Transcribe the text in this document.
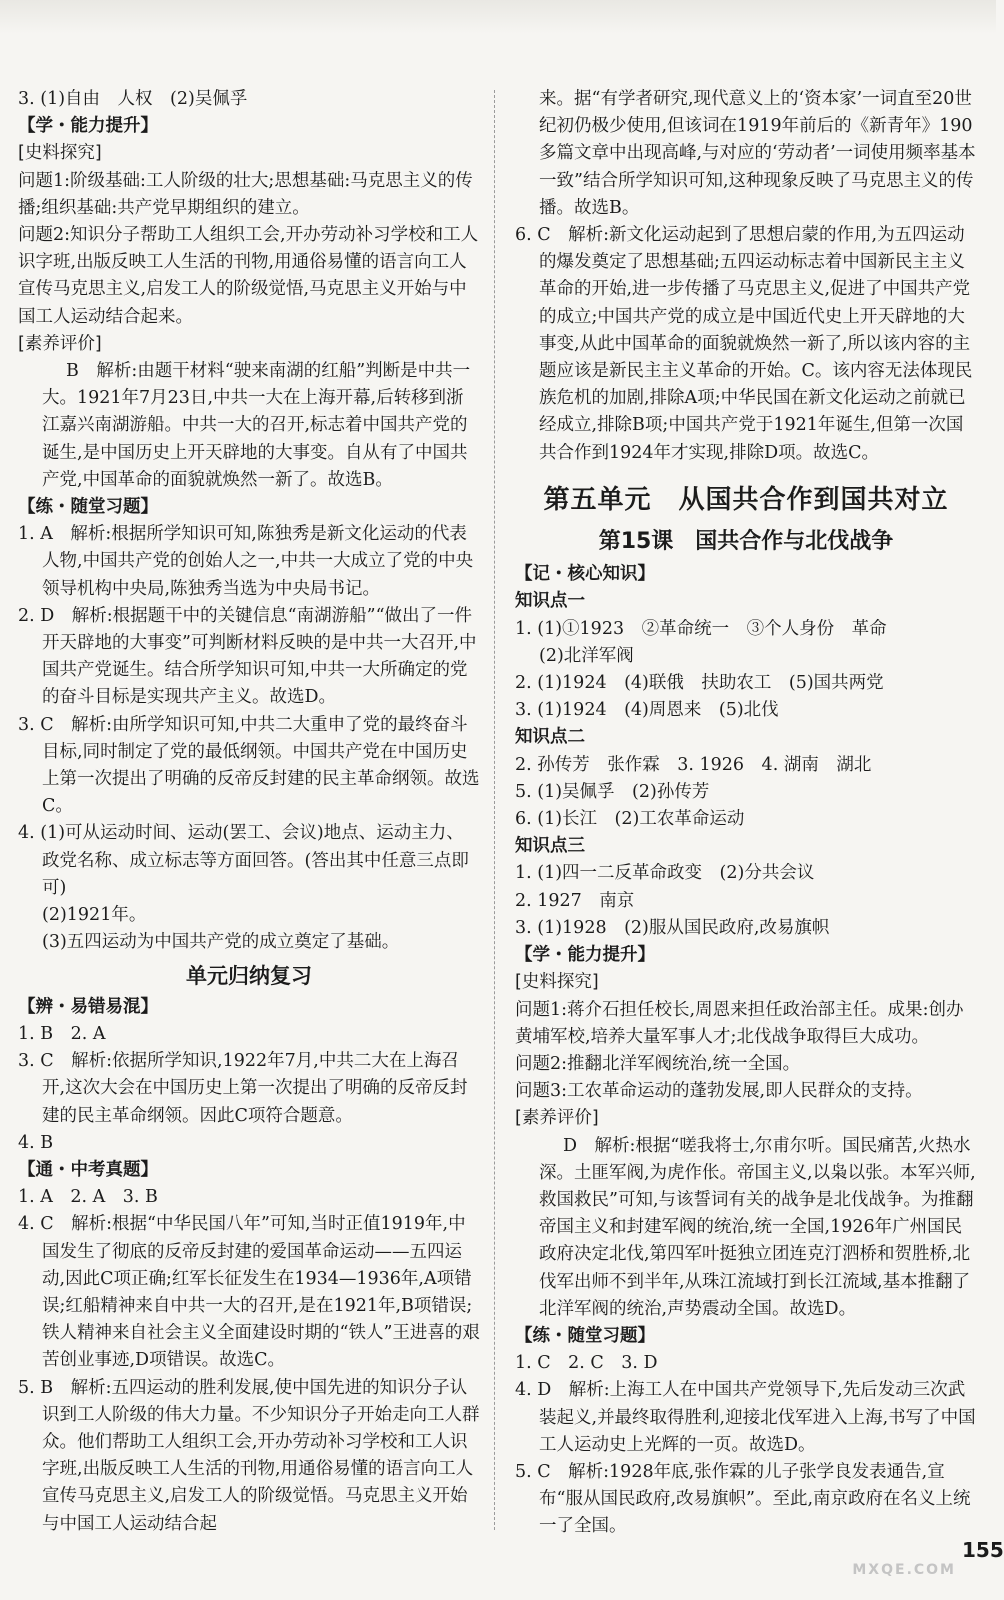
3. (1)自由　人权　(2)吴佩孚
【学・能力提升】
[史料探究]
问题1:阶级基础:工人阶级的壮大;思想基础:马克思主义的传播;组织基础:共产党早期组织的建立。
问题2:知识分子帮助工人组织工会,开办劳动补习学校和工人识字班,出版反映工人生活的刊物,用通俗易懂的语言向工人宣传马克思主义,启发工人的阶级觉悟,马克思主义开始与中国工人运动结合起来。
[素养评价]
B　解析:由题干材料“驶来南湖的红船”判断是中共一大。1921年7月23日,中共一大在上海开幕,后转移到浙江嘉兴南湖游船。中共一大的召开,标志着中国共产党的诞生,是中国历史上开天辟地的大事变。自从有了中国共产党,中国革命的面貌就焕然一新了。故选B。
【练・随堂习题】
1. A　解析:根据所学知识可知,陈独秀是新文化运动的代表人物,中国共产党的创始人之一,中共一大成立了党的中央领导机构中央局,陈独秀当选为中央局书记。
2. D　解析:根据题干中的关键信息“南湖游船”“做出了一件开天辟地的大事变”可判断材料反映的是中共一大召开,中国共产党诞生。结合所学知识可知,中共一大所确定的党的奋斗目标是实现共产主义。故选D。
3. C　解析:由所学知识可知,中共二大重申了党的最终奋斗目标,同时制定了党的最低纲领。中国共产党在中国历史上第一次提出了明确的反帝反封建的民主革命纲领。故选C。
4. (1)可从运动时间、运动(罢工、会议)地点、运动主力、政党名称、成立标志等方面回答。(答出其中任意三点即可)
(2)1921年。
(3)五四运动为中国共产党的成立奠定了基础。
单元归纳复习
【辨・易错易混】
1. B　2. A
3. C　解析:依据所学知识,1922年7月,中共二大在上海召开,这次大会在中国历史上第一次提出了明确的反帝反封建的民主革命纲领。因此C项符合题意。
4. B
【通・中考真题】
1. A　2. A　3. B
4. C　解析:根据“中华民国八年”可知,当时正值1919年,中国发生了彻底的反帝反封建的爱国革命运动——五四运动,因此C项正确;红军长征发生在1934—1936年,A项错误;红船精神来自中共一大的召开,是在1921年,B项错误;铁人精神来自社会主义全面建设时期的“铁人”王进喜的艰苦创业事迹,D项错误。故选C。
5. B　解析:五四运动的胜利发展,使中国先进的知识分子认识到工人阶级的伟大力量。不少知识分子开始走向工人群众。他们帮助工人组织工会,开办劳动补习学校和工人识字班,出版反映工人生活的刊物,用通俗易懂的语言向工人宣传马克思主义,启发工人的阶级觉悟。马克思主义开始与中国工人运动结合起
来。据“有学者研究,现代意义上的‘资本家’一词直至20世纪初仍极少使用,但该词在1919年前后的《新青年》190多篇文章中出现高峰,与对应的‘劳动者’一词使用频率基本一致”结合所学知识可知,这种现象反映了马克思主义的传播。故选B。
6. C　解析:新文化运动起到了思想启蒙的作用,为五四运动的爆发奠定了思想基础;五四运动标志着中国新民主主义革命的开始,进一步传播了马克思主义,促进了中国共产党的成立;中国共产党的成立是中国近代史上开天辟地的大事变,从此中国革命的面貌就焕然一新了,所以该内容的主题应该是新民主主义革命的开始。C。该内容无法体现民族危机的加剧,排除A项;中华民国在新文化运动之前就已经成立,排除B项;中国共产党于1921年诞生,但第一次国共合作到1924年才实现,排除D项。故选C。
第五单元　从国共合作到国共对立
第15课　国共合作与北伐战争
【记・核心知识】
知识点一
1. (1)①1923　②革命统一　③个人身份　革命
(2)北洋军阀
2. (1)1924　(4)联俄　扶助农工　(5)国共两党
3. (1)1924　(4)周恩来　(5)北伐
知识点二
2. 孙传芳　张作霖　3. 1926　4. 湖南　湖北
5. (1)吴佩孚　(2)孙传芳
6. (1)长江　(2)工农革命运动
知识点三
1. (1)四一二反革命政变　(2)分共会议
2. 1927　南京
3. (1)1928　(2)服从国民政府,改易旗帜
【学・能力提升】
[史料探究]
问题1:蒋介石担任校长,周恩来担任政治部主任。成果:创办黄埔军校,培养大量军事人才;北伐战争取得巨大成功。
问题2:推翻北洋军阀统治,统一全国。
问题3:工农革命运动的蓬勃发展,即人民群众的支持。
[素养评价]
D　解析:根据“嗟我将士,尔甫尔听。国民痛苦,火热水深。土匪军阀,为虎作伥。帝国主义,以枭以张。本军兴师,救国救民”可知,与该誓词有关的战争是北伐战争。为推翻帝国主义和封建军阀的统治,统一全国,1926年广州国民政府决定北伐,第四军叶挺独立团连克汀泗桥和贺胜桥,北伐军出师不到半年,从珠江流域打到长江流域,基本推翻了北洋军阀的统治,声势震动全国。故选D。
【练・随堂习题】
1. C　2. C　3. D
4. D　解析:上海工人在中国共产党领导下,先后发动三次武装起义,并最终取得胜利,迎接北伐军进入上海,书写了中国工人运动史上光辉的一页。故选D。
5. C　解析:1928年底,张作霖的儿子张学良发表通告,宣布“服从国民政府,改易旗帜”。至此,南京政府在名义上统一了全国。
MXQE.COM
155
